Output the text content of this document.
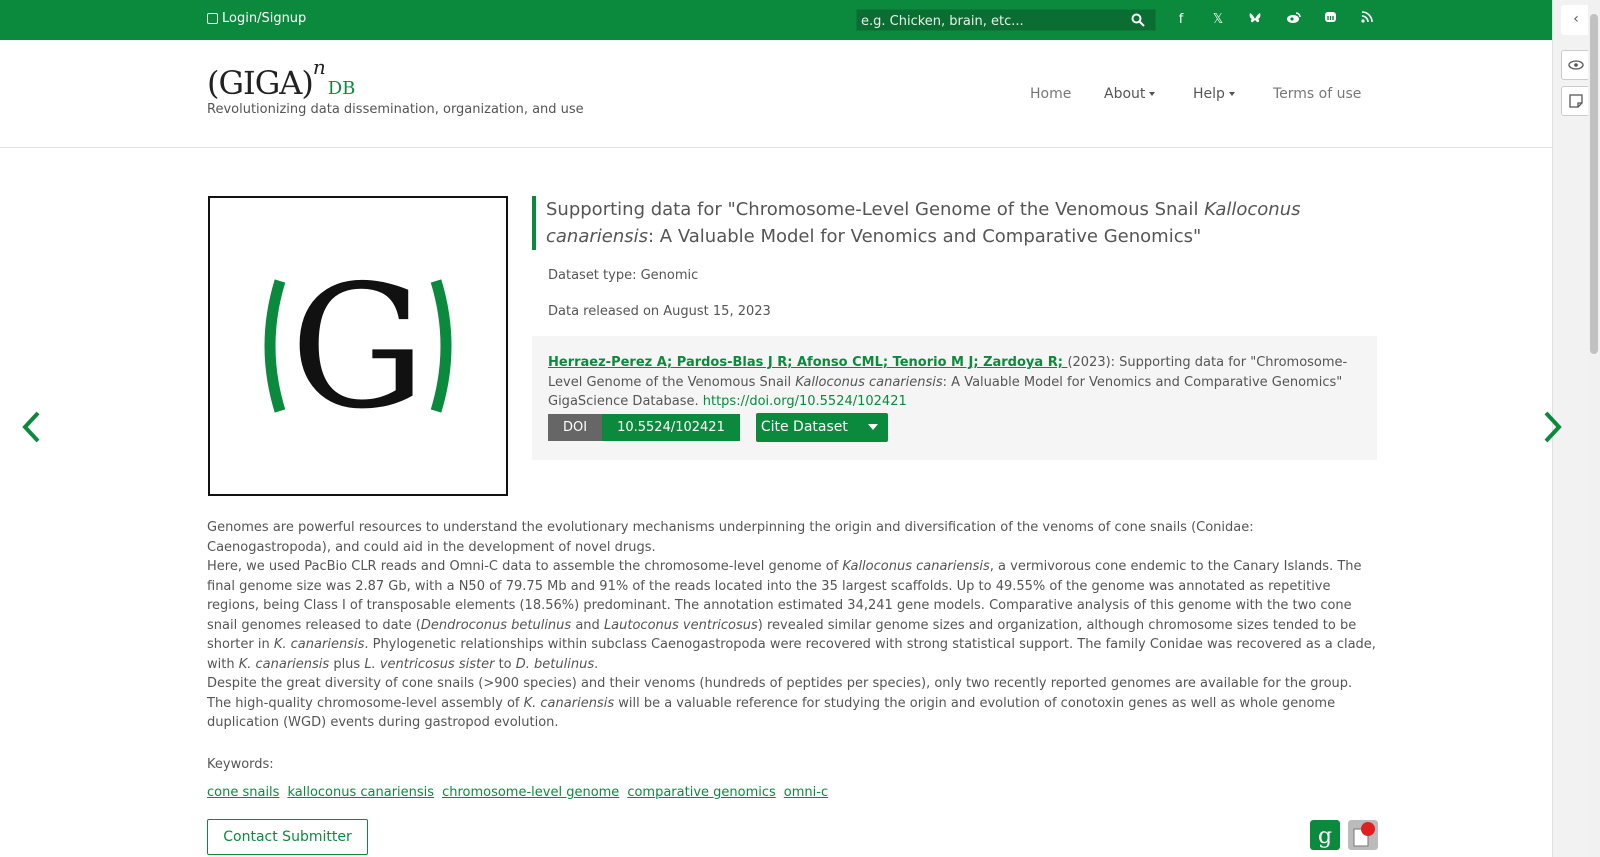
Login/Signup
e.g. Chicken, brain, etc...	f	𝕏	‹
(GIGA)$^n$DB
Revolutionizing data dissemination, organization, and use
Home About	Help	Terms of use
G
Supporting data for "Chromosome-Level Genome of the Venomous Snail Kalloconus canariensis: A Valuable Model for Venomics and Comparative Genomics"
Dataset type: Genomic
Data released on August 15, 2023
Herraez-Perez A; Pardos-Blas J R; Afonso CML; Tenorio M J; Zardoya R; (2023): Supporting data for "Chromosome-Level Genome of the Venomous Snail Kalloconus canariensis: A Valuable Model for Venomics and Comparative Genomics" GigaScience Database. https://doi.org/10.5524/102421
DOI	10.5524/102421	Cite Dataset
Genomes are powerful resources to understand the evolutionary mechanisms underpinning the origin and diversification of the venoms of cone snails (Conidae: Caenogastropoda), and could aid in the development of novel drugs.
Here, we used PacBio CLR reads and Omni-C data to assemble the chromosome-level genome of Kalloconus canariensis, a vermivorous cone endemic to the Canary Islands. The final genome size was 2.87 Gb, with a N50 of 79.75 Mb and 91% of the reads located into the 35 largest scaffolds. Up to 49.55% of the genome was annotated as repetitive regions, being Class I of transposable elements (18.56%) predominant. The annotation estimated 34,241 gene models. Comparative analysis of this genome with the two cone snail genomes released to date (Dendroconus betulinus and Lautoconus ventricosus) revealed similar genome sizes and organization, although chromosome sizes tended to be shorter in K. canariensis. Phylogenetic relationships within subclass Caenogastropoda were recovered with strong statistical support. The family Conidae was recovered as a clade, with K. canariensis plus L. ventricosus sister to D. betulinus.
Despite the great diversity of cone snails (>900 species) and their venoms (hundreds of peptides per species), only two recently reported genomes are available for the group.
The high-quality chromosome-level assembly of K. canariensis will be a valuable reference for studying the origin and evolution of conotoxin genes as well as whole genome duplication (WGD) events during gastropod evolution.
Keywords:
cone snails kalloconus canariensis chromosome-level genome comparative genomics omni-c
Contact Submitter	g
